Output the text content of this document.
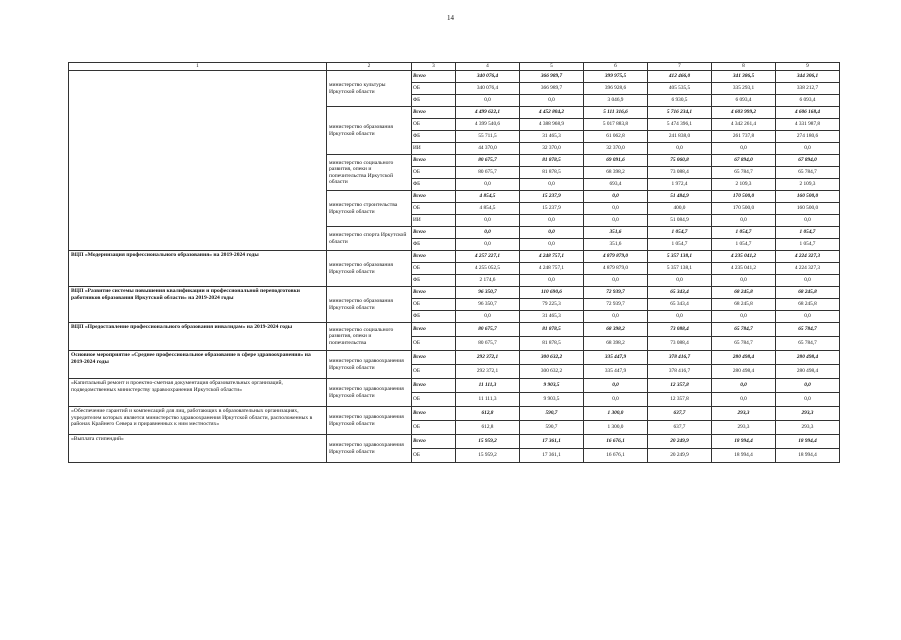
14
1	2	3	4	5	6	7	8	9
	министерство культуры Иркутской области	Всего	340 076,4	366 989,7	399 975,5	412 466,0	341 386,5	344 306,1
		ОБ	340 076,4	366 989,7	396 928,6	405 535,5	335 293,1	338 212,7
		ФБ	0,0	0,0	3 046,9	6 930,5	6 093,4	6 093,4
	министерство образования Иркутской области	Всего	4 499 622,1	4 452 804,2	5 111 316,6	5 716 234,1	4 603 999,2	4 606 168,4
		ОБ	4 399 540,6	4 388 968,9	5 017 883,8	5 474 396,1	4 342 261,4	4 331 987,8
		ФБ	55 711,5	31 465,3	61 062,8	241 838,0	261 737,8	274 180,6
		ИИ	44 370,0	32 370,0	32 370,0	0,0	0,0	0,0
	министерство социального развития, опеки и попечительства Иркутской области	Всего	80 675,7	81 878,5	69 091,6	75 060,8	67 894,0	67 894,0
		ОБ	80 675,7	81 878,5	68 398,2	73 088,4	65 784,7	65 784,7
		ФБ	0,0	0,0	693,4	1 972,4	2 109,3	2 109,3
	министерство строительства Иркутской области	Всего	4 854,5	15 237,9	0,0	51 484,9	170 500,0	160 500,0
		ОБ	4 854,5	15 237,9	0,0	400,0	170 500,0	160 500,0
		ИИ	0,0	0,0	0,0	51 084,9	0,0	0,0
	министерство спорта Иркутской области	Всего	0,0	0,0	351,6	1 054,7	1 054,7	1 054,7
		ФБ	0,0	0,0	351,6	1 054,7	1 054,7	1 054,7
ВЦП «Модернизация профессионального образования» на 2019-2024 годы	министерство образования Иркутской области	Всего	4 257 227,1	4 248 757,1	4 879 879,0	5 357 138,1	4 235 041,2	4 224 327,3
		ОБ	4 255 052,5	4 248 757,1	4 879 879,0	5 357 138,1	4 235 041,2	4 224 327,3
		ФБ	2 174,6	0,0	0,0	0,0	0,0	0,0
ВЦП «Развитие системы повышения квалификации и профессиональной переподготовки работников образования Иркутской области» на 2019-2024 годы	министерство образования Иркутской области	Всего	96 350,7	110 690,6	72 939,7	65 343,4	68 245,8	68 245,8
		ОБ	96 350,7	79 225,3	72 939,7	65 343,4	68 245,8	68 245,8
		ФБ	0,0	31 465,3	0,0	0,0	0,0	0,0
ВЦП «Предоставление профессионального образования инвалидам» на 2019-2024 годы	министерство социального развития, опеки и попечительства	Всего	80 675,7	81 878,5	68 398,2	73 088,4	65 784,7	65 784,7
		ОБ	80 675,7	81 878,5	68 398,2	73 088,4	65 784,7	65 784,7
Основное мероприятие «Среднее профессиональное образование в сфере здравоохранения» на 2019-2024 годы	министерство здравоохранения Иркутской области	Всего	292 372,1	300 632,2	335 447,9	378 416,7	280 498,4	280 498,4
		ОБ	292 372,1	300 632,2	335 447,9	378 416,7	280 498,4	280 498,4
«Капитальный ремонт и проектно-сметная документация образовательных организаций, подведомственных министерству здравоохранения Иркутской области»	министерство здравоохранения Иркутской области	Всего	11 111,3	9 903,5	0,0	12 357,8	0,0	0,0
		ОБ	11 111,3	9 903,5	0,0	12 357,8	0,0	0,0
«Обеспечение гарантий и компенсаций для лиц, работающих в образовательных организациях, учредителем которых является министерство здравоохранения Иркутской области, расположенных в районах Крайнего Севера и приравненных к ним местностях»	министерство здравоохранения Иркутской области	Всего	612,8	590,7	1 300,0	637,7	293,3	293,3
		ОБ	612,8	590,7	1 300,0	637,7	293,3	293,3
«Выплата стипендий»	министерство здравоохранения Иркутской области	Всего	15 959,2	17 361,1	16 676,1	20 249,9	18 994,4	18 994,4
		ОБ	15 959,2	17 361,1	16 676,1	20 249,9	18 994,4	18 994,4
